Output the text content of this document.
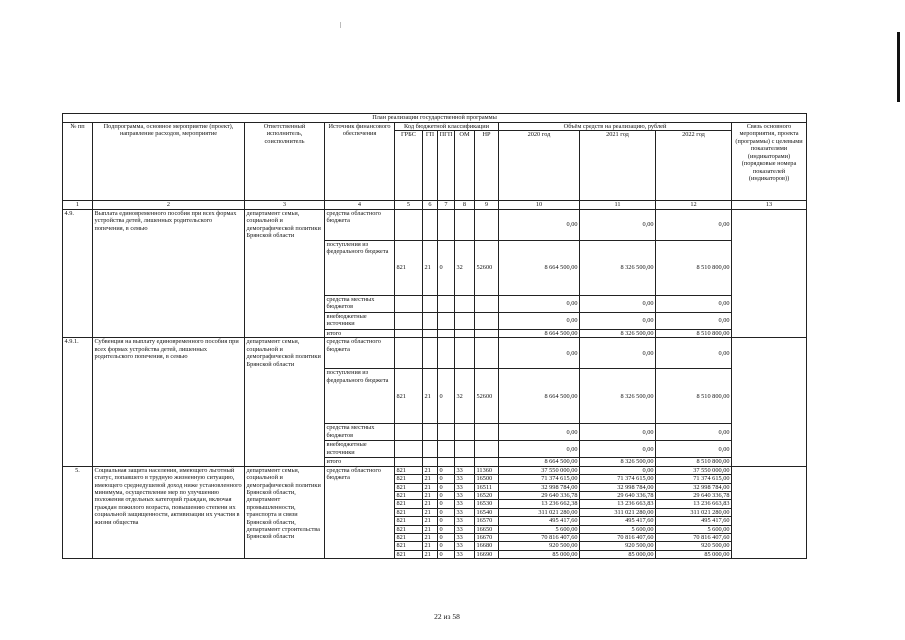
План реализации государственной программы												
№ пп	Подпрограмма, основное мероприятие (проект), направление расходов, мероприятие	Ответственный исполнитель, соисполнитель	Источник финансового обеспечения	Код бюджетной классификации					Объём средств на реализацию, рублей			Связь основного мероприятия, проекта (программы) с целевыми показателями (индикаторами) (порядковые номера показателей (индикаторов))
				ГРБС	ГП	ПГП	ОМ	НР	2020 год	2021 год	2022 год	
1	2	3	4	5	6	7	8	9	10	11	12	13
4.9.	Выплата единовременного пособия при всех формах устройства детей, лишенных родительского попечения, в семью	департамент семьи, социальной и демографической политики Брянской области	средства областного бюджета						0,00	0,00	0,00	
			поступления из федерального бюджета	821	21	0	32	52600	8 664 500,00	8 326 500,00	8 510 800,00	
			средства местных бюджетов						0,00	0,00	0,00	
			внебюджетные источники						0,00	0,00	0,00	
			итого						8 664 500,00	8 326 500,00	8 510 800,00	
4.9.1.	Субвенция на выплату единовременного пособия при всех формах устройства детей, лишенных родительского попечения, в семью	департамент семьи, социальной и демографической политики Брянской области	средства областного бюджета						0,00	0,00	0,00	
			поступления из федерального бюджета	821	21	0	32	52600	8 664 500,00	8 326 500,00	8 510 800,00	
			средства местных бюджетов						0,00	0,00	0,00	
			внебюджетные источники						0,00	0,00	0,00	
			итого						8 664 500,00	8 326 500,00	8 510 800,00	
5.	Социальная защита населения, имеющего льготный статус, попавшего в трудную жизненную ситуацию, имеющего среднедушевой доход ниже установленного минимума, осуществление мер по улучшению положения отдельных категорий граждан, включая граждан пожилого возраста, повышению степени их социальной защищенности, активизации их участия в жизни общества	департамент семьи, социальной и демографической политики Брянской области, департамент промышленности, транспорта и связи Брянской области, департамент строительства Брянской области	средства областного бюджета	821	21	0	33	11360	37 550 000,00	0,00	37 550 000,00	
				821	21	0	33	16500	71 374 615,00	71 374 615,00	71 374 615,00	
				821	21	0	33	16511	32 998 784,00	32 998 784,00	32 998 784,00	
				821	21	0	33	16520	29 640 336,78	29 640 336,78	29 640 336,78	
				821	21	0	33	16530	13 236 662,38	13 236 663,83	13 236 663,83	
				821	21	0	33	16540	311 021 280,00	311 021 280,00	311 021 280,00	
				821	21	0	33	16570	495 417,60	495 417,60	495 417,60	
				821	21	0	33	16650	5 600,00	5 600,00	5 600,00	
				821	21	0	33	16670	70 816 407,60	70 816 407,60	70 816 407,60	
				821	21	0	33	16680	920 500,00	920 500,00	920 500,00	
				821	21	0	33	16690	85 000,00	85 000,00	85 000,00	
22 из 58
